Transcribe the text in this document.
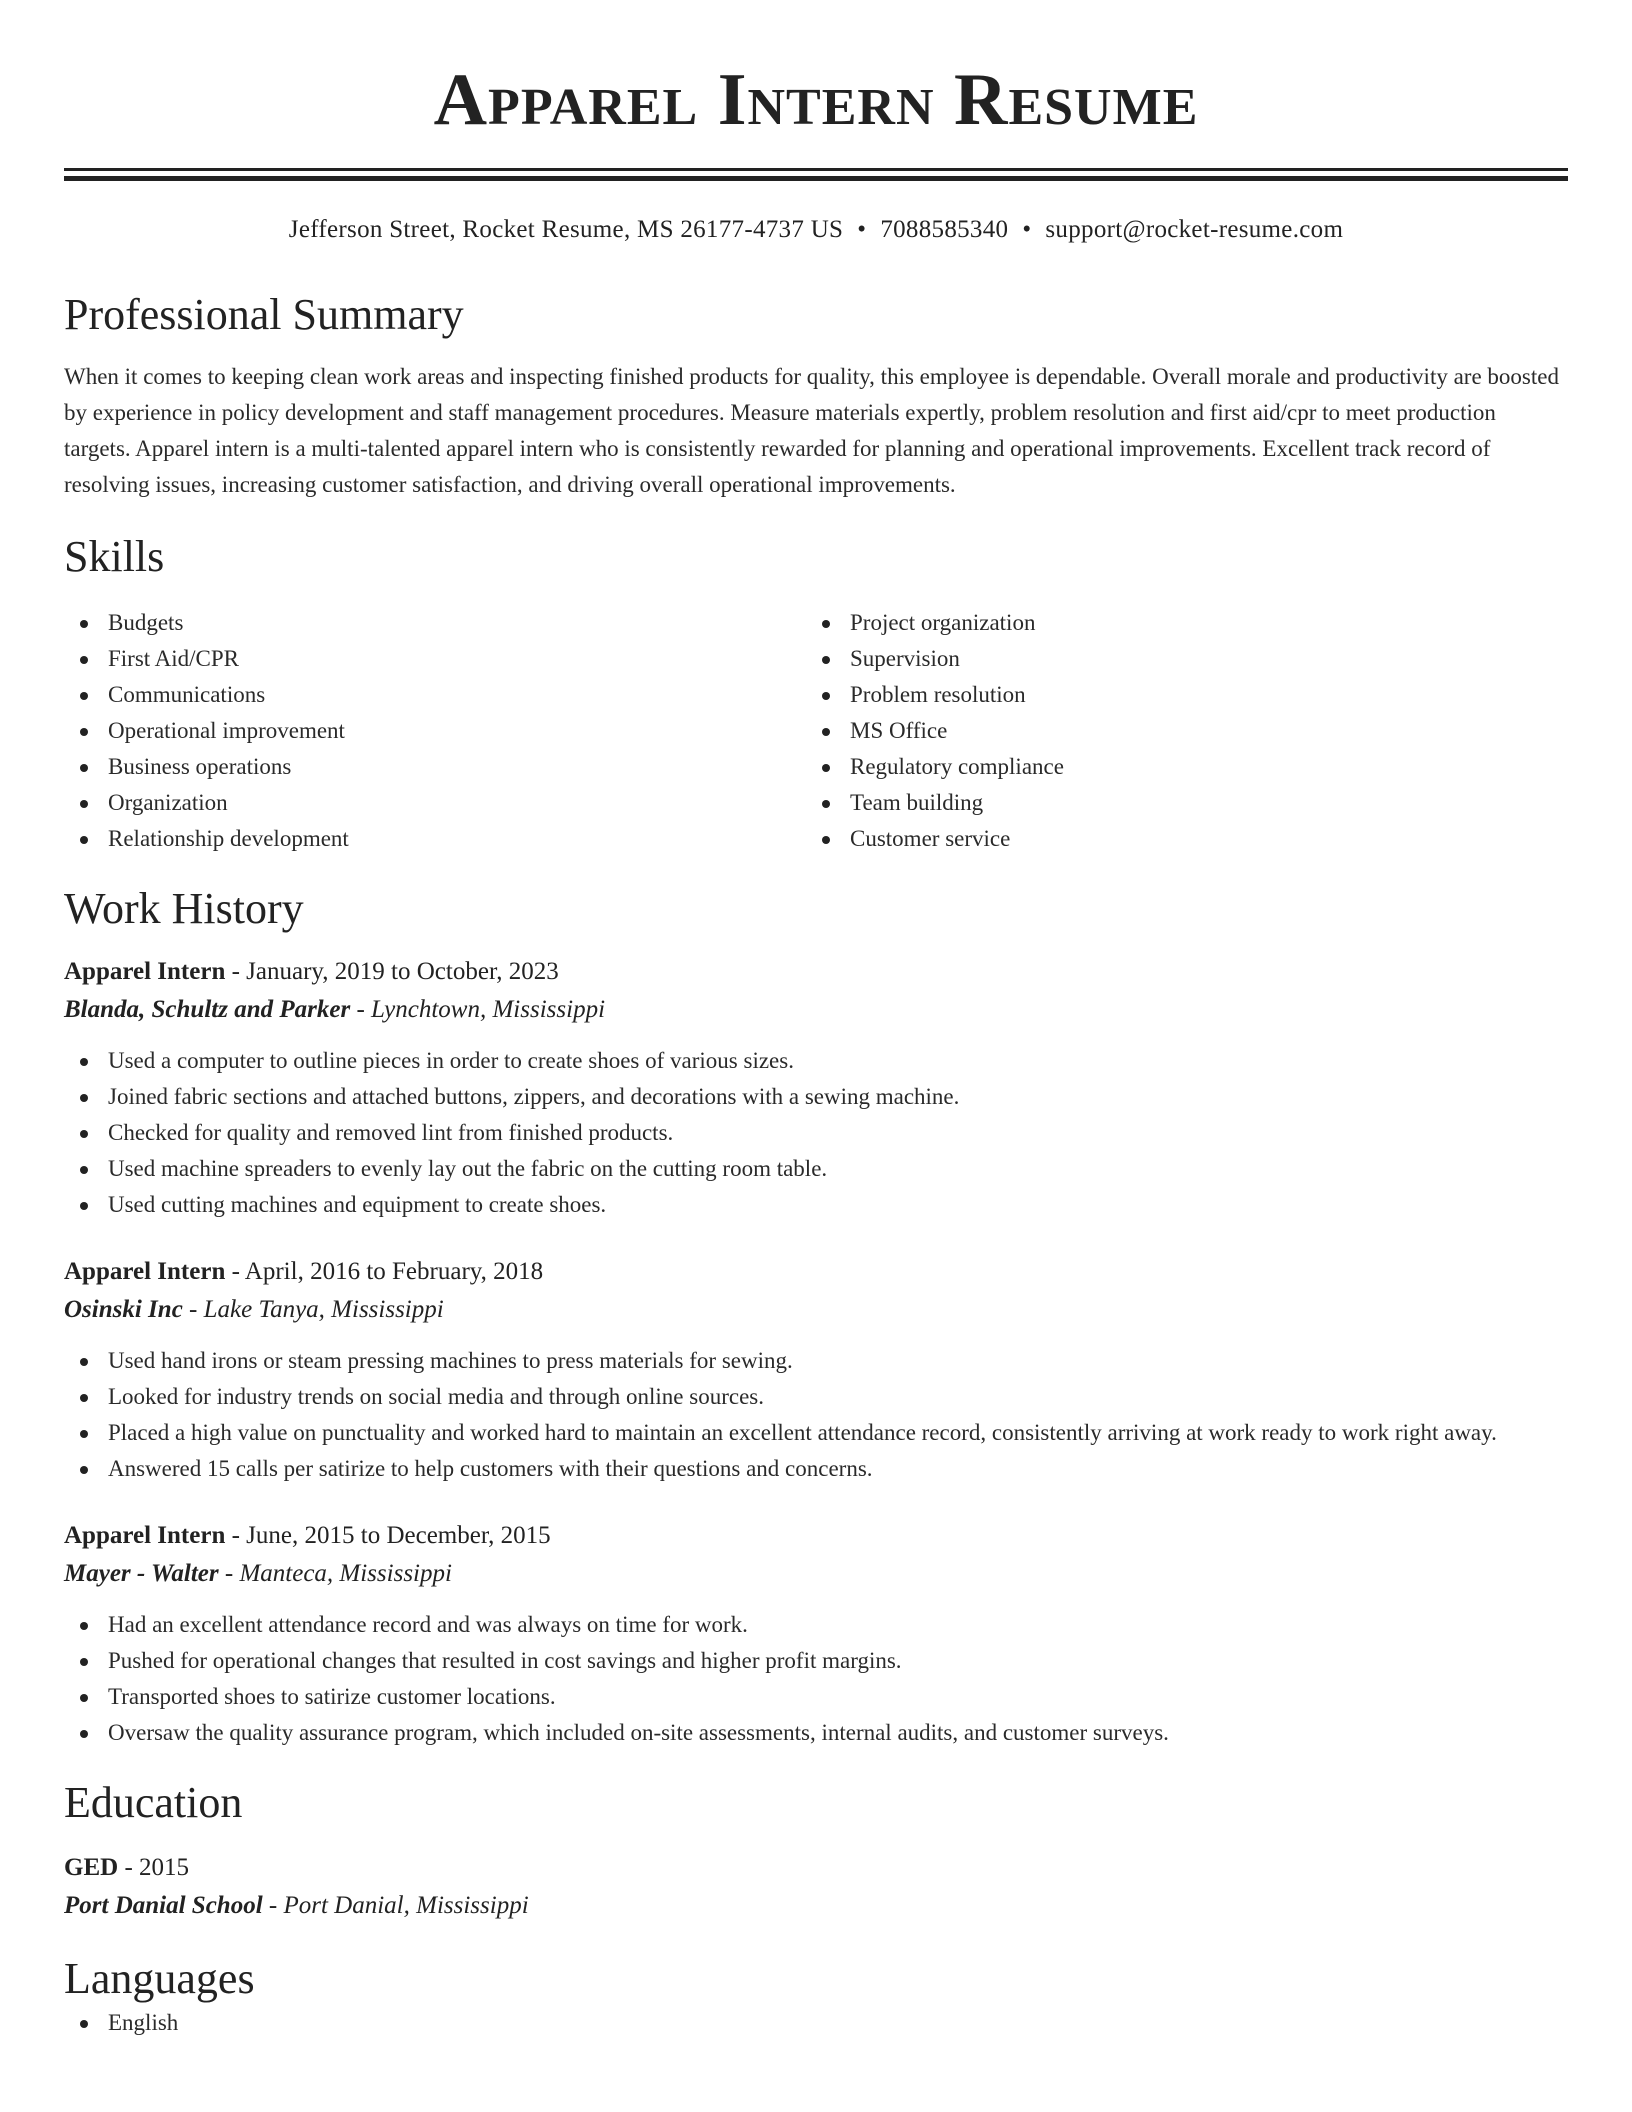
Apparel Intern Resume
Jefferson Street, Rocket Resume, MS 26177-4737 US • 7088585340 • support@rocket-resume.com
Professional Summary
When it comes to keeping clean work areas and inspecting finished products for quality, this employee is dependable. Overall morale and productivity are boosted by experience in policy development and staff management procedures. Measure materials expertly, problem resolution and first aid/cpr to meet production targets. Apparel intern is a multi-talented apparel intern who is consistently rewarded for planning and operational improvements. Excellent track record of resolving issues, increasing customer satisfaction, and driving overall operational improvements.
Skills
Budgets
First Aid/CPR
Communications
Operational improvement
Business operations
Organization
Relationship development
Project organization
Supervision
Problem resolution
MS Office
Regulatory compliance
Team building
Customer service
Work History
Apparel Intern - January, 2019 to October, 2023
Blanda, Schultz and Parker - Lynchtown, Mississippi
Used a computer to outline pieces in order to create shoes of various sizes.
Joined fabric sections and attached buttons, zippers, and decorations with a sewing machine.
Checked for quality and removed lint from finished products.
Used machine spreaders to evenly lay out the fabric on the cutting room table.
Used cutting machines and equipment to create shoes.
Apparel Intern - April, 2016 to February, 2018
Osinski Inc - Lake Tanya, Mississippi
Used hand irons or steam pressing machines to press materials for sewing.
Looked for industry trends on social media and through online sources.
Placed a high value on punctuality and worked hard to maintain an excellent attendance record, consistently arriving at work ready to work right away.
Answered 15 calls per satirize to help customers with their questions and concerns.
Apparel Intern - June, 2015 to December, 2015
Mayer - Walter - Manteca, Mississippi
Had an excellent attendance record and was always on time for work.
Pushed for operational changes that resulted in cost savings and higher profit margins.
Transported shoes to satirize customer locations.
Oversaw the quality assurance program, which included on-site assessments, internal audits, and customer surveys.
Education
GED - 2015
Port Danial School - Port Danial, Mississippi
Languages
English
